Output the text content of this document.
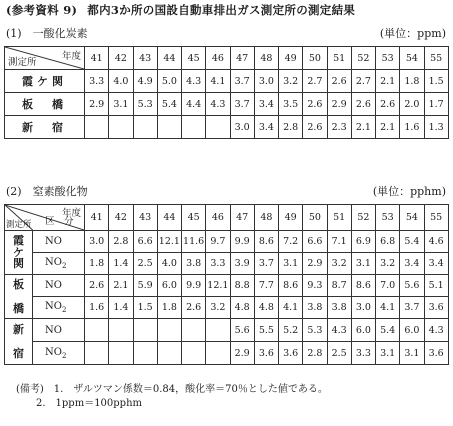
(参考資料 9) 都内3か所の国設自動車排出ガス測定所の測定結果
(1)　一酸化炭素	(単位：ppm)
年度
測定所	41	42	43	44	45	46	47	48	49	50	51	52	53	54	55
霞ケ関	3.3	4.0	4.9	5.0	4.3	4.1	3.7	3.0	3.2	2.7	2.6	2.7	2.1	1.8	1.5
板　橋	2.9	3.1	5.3	5.4	4.4	4.3	3.7	3.4	3.5	2.6	2.9	2.6	2.6	2.0	1.7
新　宿							3.0	3.4	2.8	2.6	2.3	2.1	2.1	1.6	1.3
(2)　窒素酸化物	(単位：pphm)
年度
区　分
測定所		41	42	43	44	45	46	47	48	49	50	51	52	53	54	55

霞
ケ
関	NO	3.0	2.8	6.6	12.1	11.6	9.7	9.9	8.6	7.2	6.6	7.1	6.9	6.8	5.4	4.6
	$NO_2$	1.8	1.4	2.5	4.0	3.8	3.3	3.9	3.7	3.1	2.9	3.2	3.1	3.2	3.4	3.4

板
橋	NO	2.6	2.1	5.9	6.0	9.9	12.1	8.8	7.7	8.6	9.3	8.7	8.6	7.0	5.6	5.1
	$NO_2$	1.6	1.4	1.5	1.8	2.6	3.2	4.8	4.8	4.1	3.8	3.8	3.0	4.1	3.7	3.6

新
宿	NO							5.6	5.5	5.2	5.3	4.3	6.0	5.4	6.0	4.3
	$NO_2$							2.9	3.6	3.6	2.8	2.5	3.3	3.1	3.1	3.6
(備考)　1.　ザルツマン係数＝0.84，酸化率＝70％とした値である。
2.　1ppm＝100pphm
